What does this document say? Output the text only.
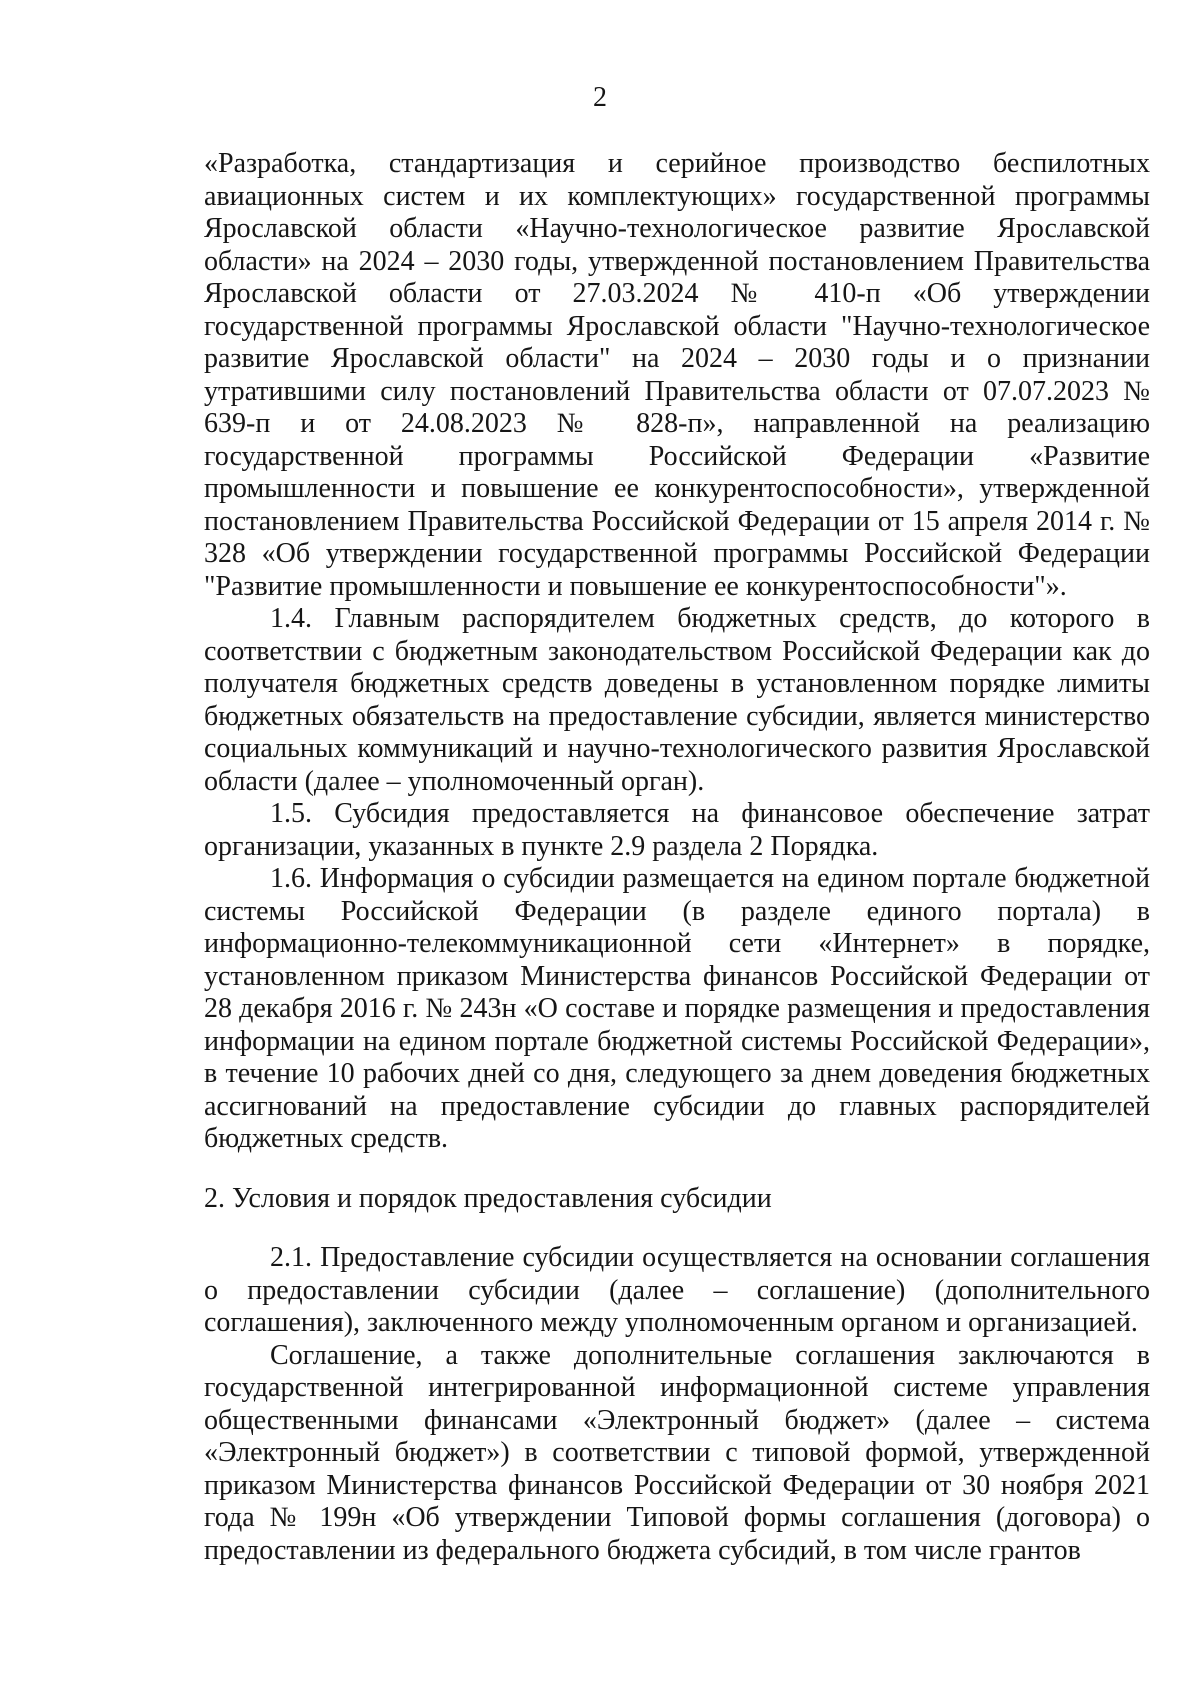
2

«Разработка, стандартизация и серийное производство беспилотных авиационных систем и их комплектующих» государственной программы Ярославской области «Научно-технологическое развитие Ярославской области» на 2024 – 2030 годы, утвержденной постановлением Правительства Ярославской области от 27.03.2024 № 410-п «Об утверждении государственной программы Ярославской области "Научно-технологическое развитие Ярославской области" на 2024 – 2030 годы и о признании утратившими силу постановлений Правительства области от 07.07.2023 № 639-п и от 24.08.2023 № 828-п», направленной на реализацию государственной программы Российской Федерации «Развитие промышленности и повышение ее конкурентоспособности», утвержденной постановлением Правительства Российской Федерации от 15 апреля 2014 г. № 328 «Об утверждении государственной программы Российской Федерации "Развитие промышленности и повышение ее конкурентоспособности"».

1.4. Главным распорядителем бюджетных средств, до которого в соответствии с бюджетным законодательством Российской Федерации как до получателя бюджетных средств доведены в установленном порядке лимиты бюджетных обязательств на предоставление субсидии, является министерство социальных коммуникаций и научно-технологического развития Ярославской области (далее – уполномоченный орган).

1.5. Субсидия предоставляется на финансовое обеспечение затрат организации, указанных в пункте 2.9 раздела 2 Порядка.

1.6. Информация о субсидии размещается на едином портале бюджетной системы Российской Федерации (в разделе единого портала) в информационно-телекоммуникационной сети «Интернет» в порядке, установленном приказом Министерства финансов Российской Федерации от 28 декабря 2016 г. № 243н «О составе и порядке размещения и предоставления информации на едином портале бюджетной системы Российской Федерации», в течение 10 рабочих дней со дня, следующего за днем доведения бюджетных ассигнований на предоставление субсидии до главных распорядителей бюджетных средств.

2. Условия и порядок предоставления субсидии

2.1. Предоставление субсидии осуществляется на основании соглашения о предоставлении субсидии (далее – соглашение) (дополнительного соглашения), заключенного между уполномоченным органом и организацией.

Соглашение, а также дополнительные соглашения заключаются в государственной интегрированной информационной системе управления общественными финансами «Электронный бюджет» (далее – система «Электронный бюджет») в соответствии с типовой формой, утвержденной приказом Министерства финансов Российской Федерации от 30 ноября 2021 года № 199н «Об утверждении Типовой формы соглашения (договора) о предоставлении из федерального бюджета субсидий, в том числе грантов
